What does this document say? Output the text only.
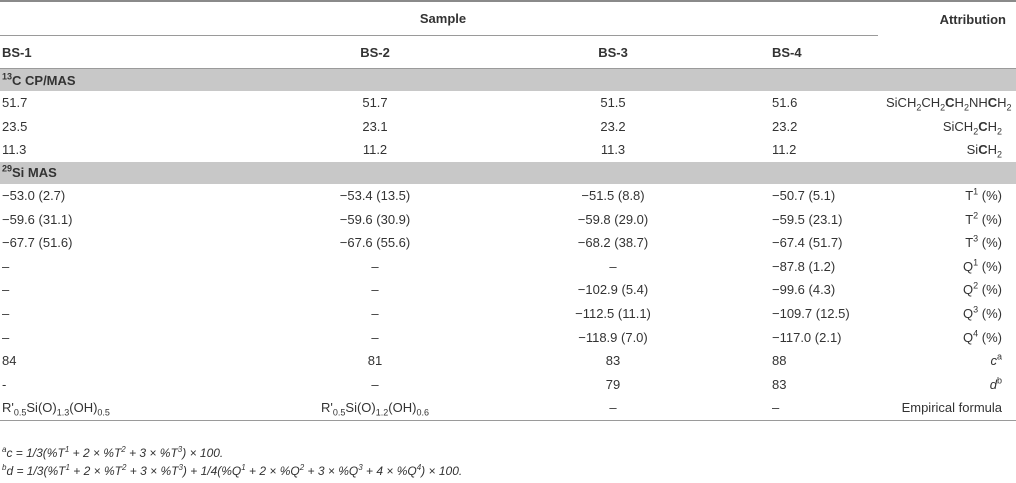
Sample				Attribution
BS-1	BS-2	BS-3	BS-4	
$^{13}$C CP/MAS				
51.7	51.7	51.5	51.6	$SiCH_2CH_2CH_2NHCH_2$
23.5	23.1	23.2	23.2	$SiCH_2CH_2$
11.3	11.2	11.3	11.2	SiCH$_2$
$^{29}$Si MAS				
−53.0 (2.7)	−53.4 (13.5)	−51.5 (8.8)	−50.7 (5.1)	$T^1$ (%)
−59.6 (31.1)	−59.6 (30.9)	−59.8 (29.0)	−59.5 (23.1)	$T^2$ (%)
−67.7 (51.6)	−67.6 (55.6)	−68.2 (38.7)	−67.4 (51.7)	$T^3$ (%)
–	–	–	−87.8 (1.2)	$Q^1$ (%)
–	–	−102.9 (5.4)	−99.6 (4.3)	$Q^2$ (%)
–	–	−112.5 (11.1)	−109.7 (12.5)	$Q^3$ (%)
–	–	−118.9 (7.0)	−117.0 (2.1)	$Q^4$ (%)
84	81	83	88	$c^a$
-	–	79	83	$d^b$
$R'_{0.5}Si(O)_{1.3}(OH)_{0.5}$	$R'_{0.5}Si(O)_{1.2}(OH)_{0.6}$	–	–	Empirical formula
$^ac = 1/3(\%T^1 + 2 \times \%T^2 + 3 \times \%T^3) \times 100$.
$^bd = 1/3(\%T^1 + 2 \times \%T^2 + 3 \times \%T^3) + 1/4(\%Q^1 + 2 \times \%Q^2 + 3 \times \%Q^3 + 4 \times \%Q^4) \times 100$.
